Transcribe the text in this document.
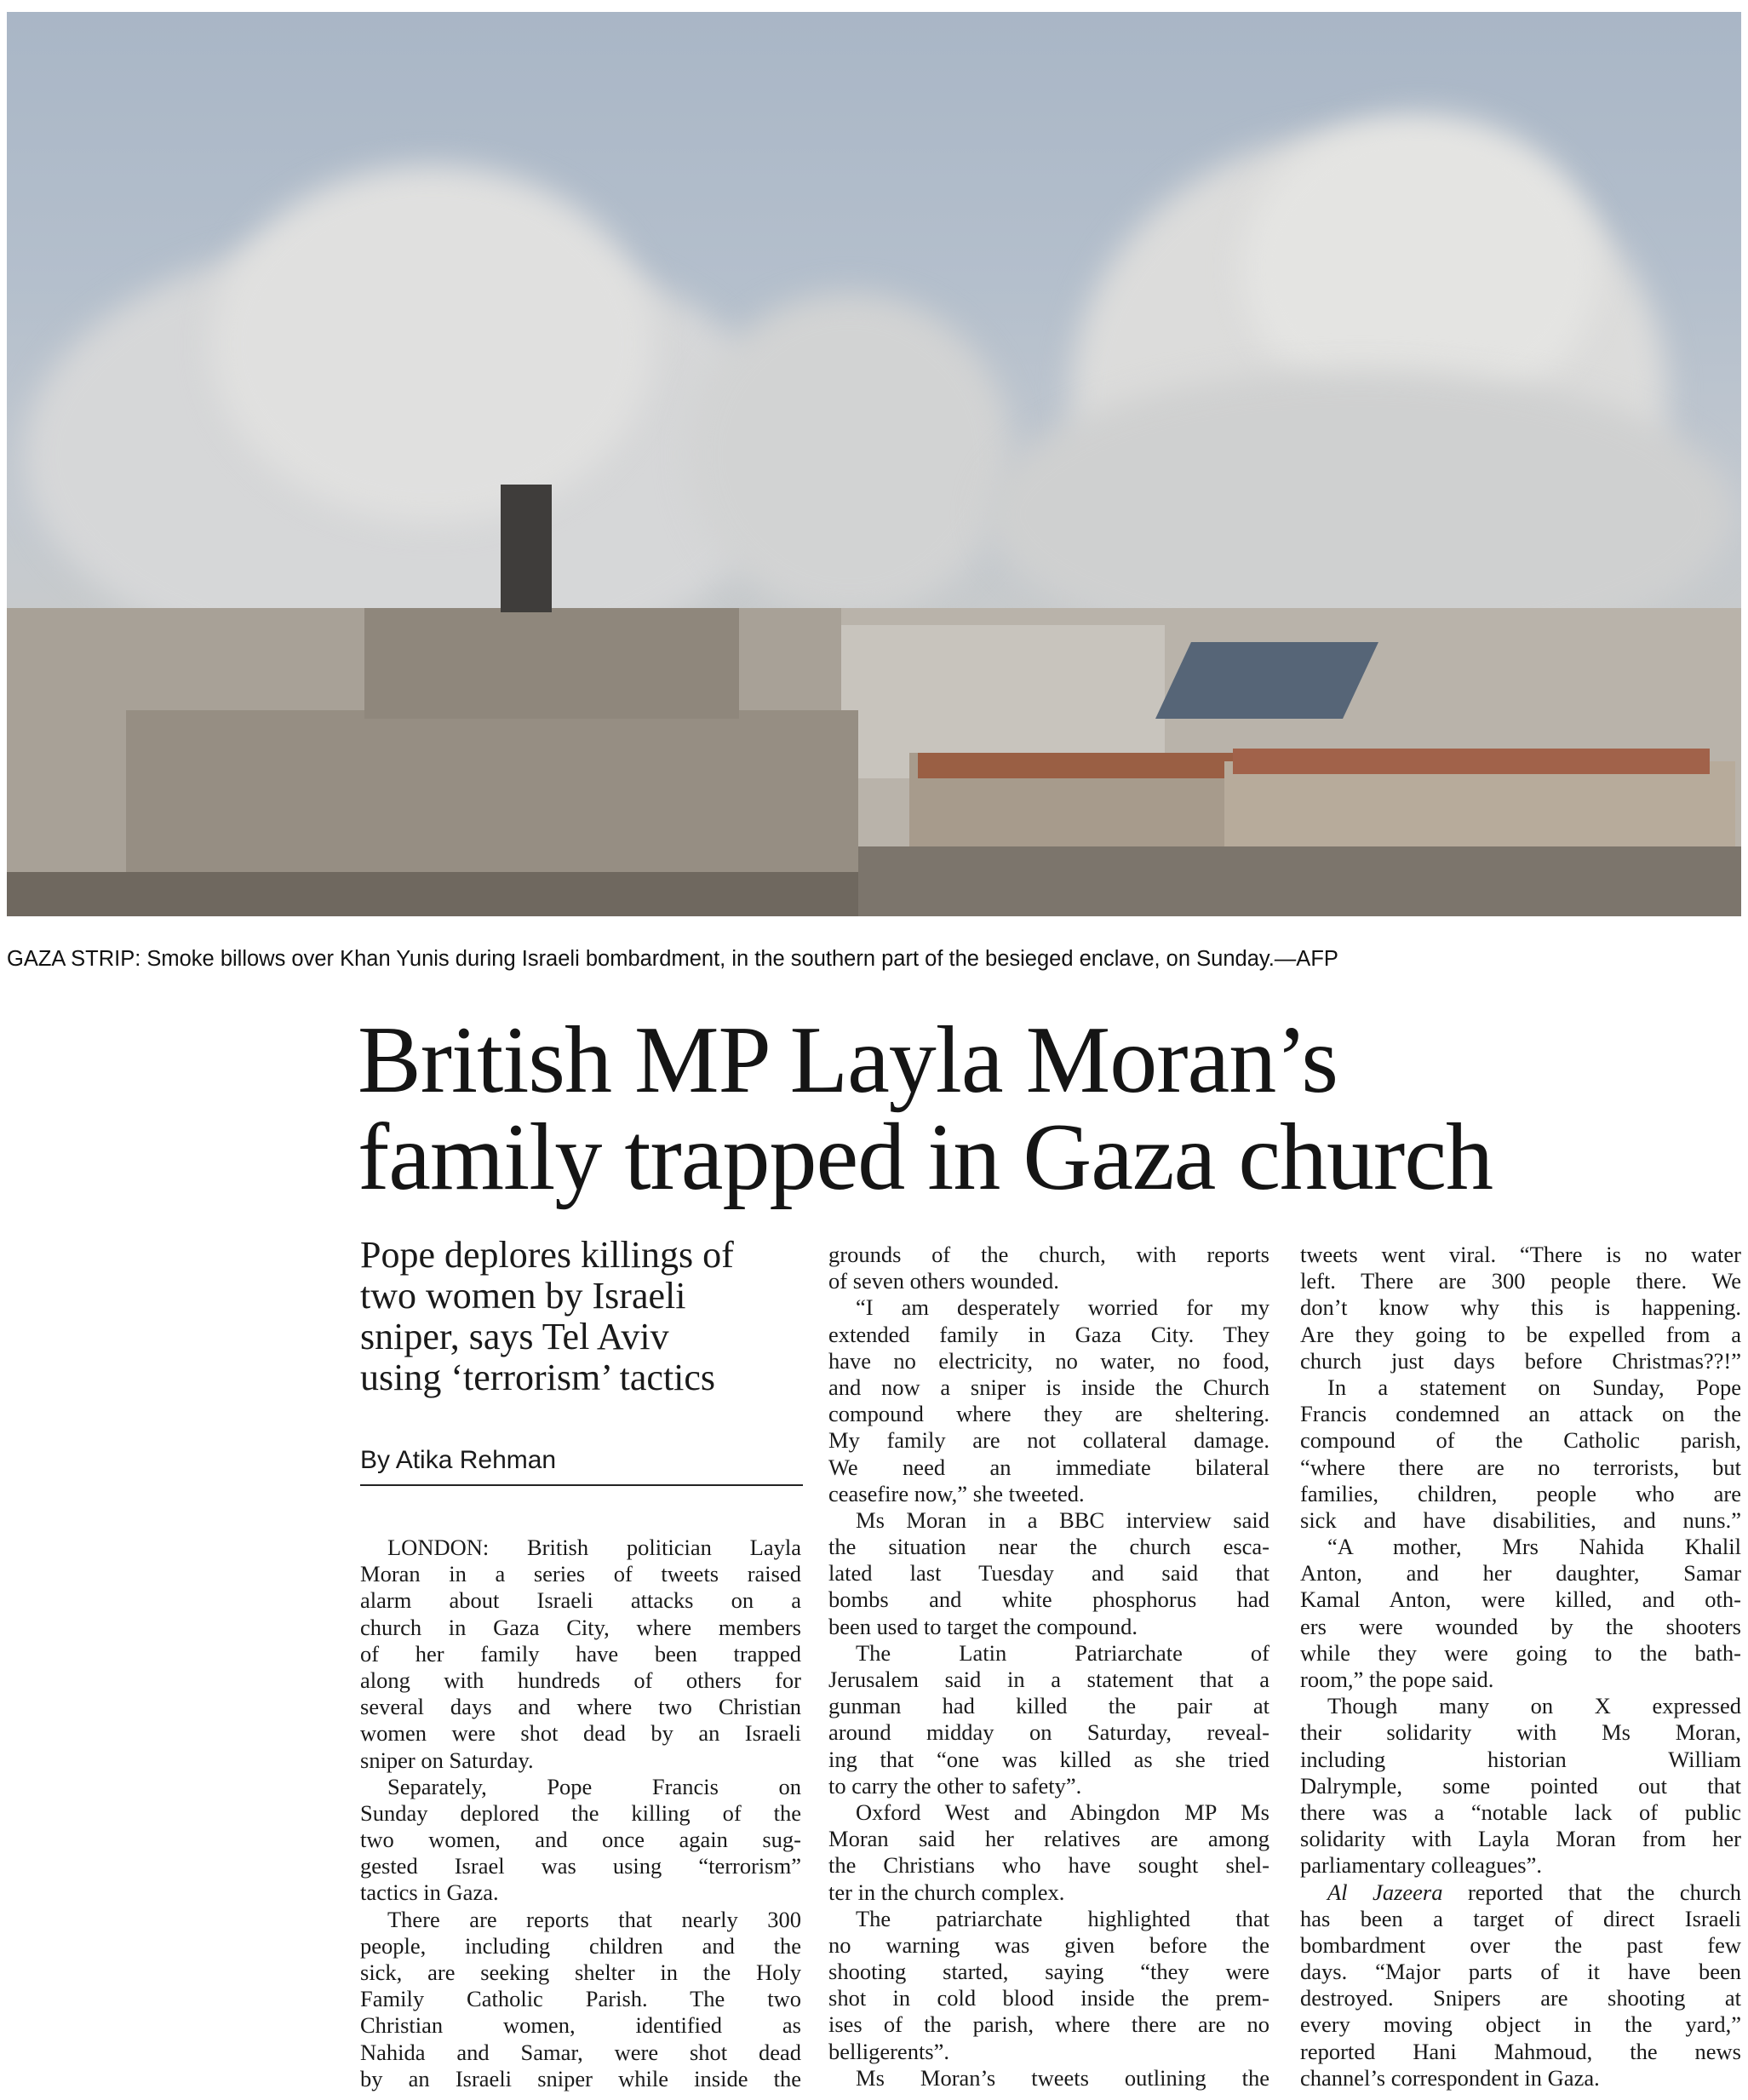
GAZA STRIP: Smoke billows over Khan Yunis during Israeli bombardment, in the southern part of the besieged enclave, on Sunday.—AFP
British MP Layla Moran’s
family trapped in Gaza church
Pope deplores killings of
two women by Israeli
sniper, says Tel Aviv
using ‘terrorism’ tactics
By Atika Rehman
LONDON: British politician Layla
Moran in a series of tweets raised
alarm about Israeli attacks on a
church in Gaza City, where members
of her family have been trapped
along with hundreds of others for
several days and where two Christian
women were shot dead by an Israeli
sniper on Saturday.
Separately, Pope Francis on
Sunday deplored the killing of the
two women, and once again sug-
gested Israel was using “terrorism”
tactics in Gaza.
There are reports that nearly 300
people, including children and the
sick, are seeking shelter in the Holy
Family Catholic Parish. The two
Christian women, identified as
Nahida and Samar, were shot dead
by an Israeli sniper while inside the
grounds of the church, with reports
of seven others wounded.
“I am desperately worried for my
extended family in Gaza City. They
have no electricity, no water, no food,
and now a sniper is inside the Church
compound where they are sheltering.
My family are not collateral damage.
We need an immediate bilateral
ceasefire now,” she tweeted.
Ms Moran in a BBC interview said
the situation near the church esca-
lated last Tuesday and said that
bombs and white phosphorus had
been used to target the compound.
The Latin Patriarchate of
Jerusalem said in a statement that a
gunman had killed the pair at
around midday on Saturday, reveal-
ing that “one was killed as she tried
to carry the other to safety”.
Oxford West and Abingdon MP Ms
Moran said her relatives are among
the Christians who have sought shel-
ter in the church complex.
The patriarchate highlighted that
no warning was given before the
shooting started, saying “they were
shot in cold blood inside the prem-
ises of the parish, where there are no
belligerents”.
Ms Moran’s tweets outlining the
tweets went viral. “There is no water
left. There are 300 people there. We
don’t know why this is happening.
Are they going to be expelled from a
church just days before Christmas??!”
In a statement on Sunday, Pope
Francis condemned an attack on the
compound of the Catholic parish,
“where there are no terrorists, but
families, children, people who are
sick and have disabilities, and nuns.”
“A mother, Mrs Nahida Khalil
Anton, and her daughter, Samar
Kamal Anton, were killed, and oth-
ers were wounded by the shooters
while they were going to the bath-
room,” the pope said.
Though many on X expressed
their solidarity with Ms Moran,
including historian William
Dalrymple, some pointed out that
there was a “notable lack of public
solidarity with Layla Moran from her
parliamentary colleagues”.
Al Jazeera reported that the church
has been a target of direct Israeli
bombardment over the past few
days. “Major parts of it have been
destroyed. Snipers are shooting at
every moving object in the yard,”
reported Hani Mahmoud, the news
channel’s correspondent in Gaza.
